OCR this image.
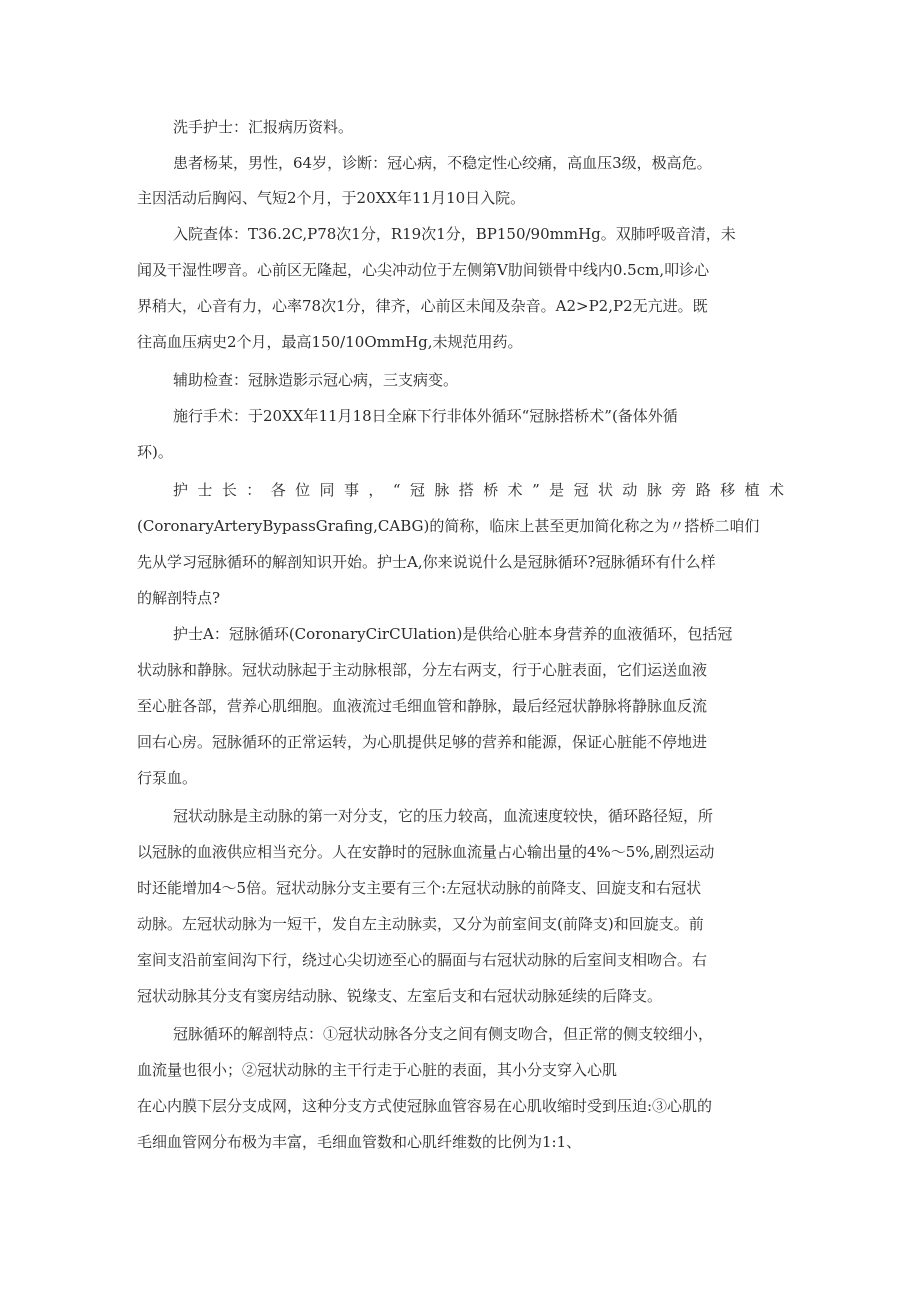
洗手护士：汇报病历资料。
患者杨某，男性，64岁，诊断：冠心病，不稳定性心绞痛，高血压3级，极高危。
主因活动后胸闷、气短2个月，于20XX年11月10日入院。
入院查体：T36.2C,P78次1分，R19次1分，BP150∕90mmHg。双肺呼吸音清，未
闻及干湿性啰音。心前区无隆起，心尖冲动位于左侧第V肋间锁骨中线内0.5cm,叩诊心
界稍大，心音有力，心率78次1分，律齐，心前区未闻及杂音。A2>P2,P2无亢进。既
往高血压病史2个月，最高150/10OmmHg,未规范用药。
辅助检查：冠脉造影示冠心病，三支病变。
施行手术：于20XX年11月18日全麻下行非体外循环“冠脉搭桥术”(备体外循
环)。
护士长：各位同事，“冠脉搭桥术”是冠状动脉旁路移植术
(CoronaryArteryBypassGrafing,CABG)的简称，临床上甚至更加简化称之为〃搭桥二咱们
先从学习冠脉循环的解剖知识开始。护士A,你来说说什么是冠脉循环?冠脉循环有什么样
的解剖特点?
护士A：冠脉循环(CoronaryCirCUlation)是供给心脏本身营养的血液循环，包括冠
状动脉和静脉。冠状动脉起于主动脉根部，分左右两支，行于心脏表面，它们运送血液
至心脏各部，营养心肌细胞。血液流过毛细血管和静脉，最后经冠状静脉将静脉血反流
回右心房。冠脉循环的正常运转，为心肌提供足够的营养和能源，保证心脏能不停地进
行泵血。
冠状动脉是主动脉的第一对分支，它的压力较高，血流速度较快，循环路径短，所
以冠脉的血液供应相当充分。人在安静时的冠脉血流量占心输出量的4%～5%,剧烈运动
时还能增加4～5倍。冠状动脉分支主要有三个:左冠状动脉的前降支、回旋支和右冠状
动脉。左冠状动脉为一短干，发自左主动脉卖，又分为前室间支(前降支)和回旋支。前
室间支沿前室间沟下行，绕过心尖切迹至心的膈面与右冠状动脉的后室间支相吻合。右
冠状动脉其分支有窦房结动脉、锐缘支、左室后支和右冠状动脉延续的后降支。
冠脉循环的解剖特点：①冠状动脉各分支之间有侧支吻合，但正常的侧支较细小，
血流量也很小；②冠状动脉的主干行走于心脏的表面，其小分支穿入心肌
在心内膜下层分支成网，这种分支方式使冠脉血管容易在心肌收缩时受到压迫:③心肌的
毛细血管网分布极为丰富，毛细血管数和心肌纤维数的比例为1:1、
